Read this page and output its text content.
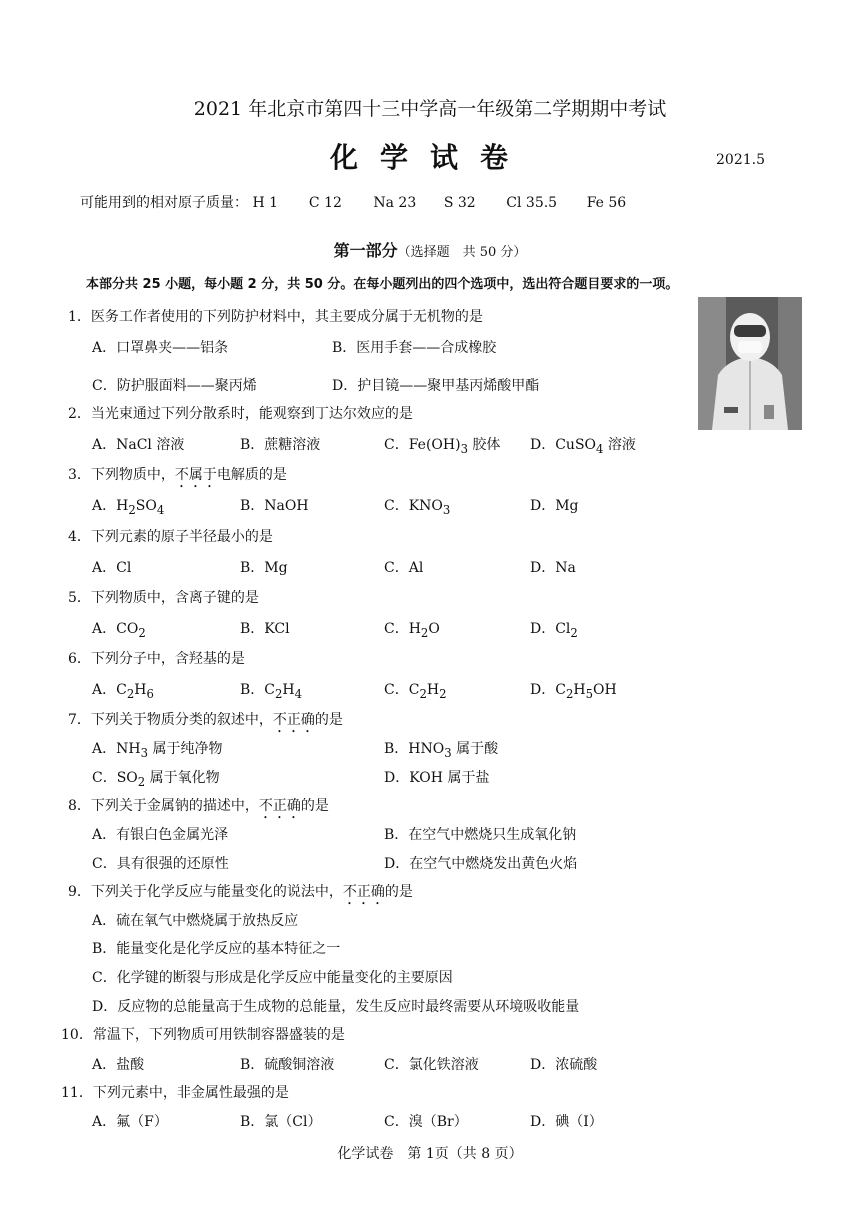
2021 年北京市第四十三中学高一年级第二学期期中考试
化学试卷	2021.5
可能用到的相对原子质量： H 1 C 12 Na 23 S 32 Cl 35.5 Fe 56
第一部分（选择题　共 50 分）
本部分共 25 小题，每小题 2 分，共 50 分。在每小题列出的四个选项中，选出符合题目要求的一项。
1．医务工作者使用的下列防护材料中，其主要成分属于无机物的是
A．口罩鼻夹——铝条	B．医用手套——合成橡胶
C．防护服面料——聚丙烯	D．护目镜——聚甲基丙烯酸甲酯
2．当光束通过下列分散系时，能观察到丁达尔效应的是
A．NaCl 溶液	B．蔗糖溶液	C．$Fe(OH)_3$ 胶体 D．CuSO$_4$ 溶液
3．下列物质中，不属于电解质的是
A．$H_2SO_4$	B．NaOH	C．$KNO_3$	D．Mg
4．下列元素的原子半径最小的是
A．Cl	B．Mg	C．Al	D．Na
5．下列物质中，含离子键的是
A．$CO_2$	B．KCl	C．$H_2O$	D．$Cl_2$
6．下列分子中，含羟基的是
A．$C_2H_6$	B．$C_2H_4$	C．$C_2H_2$	D．$C_2H_5OH$
7．下列关于物质分类的叙述中，不正确的是
A．$NH_3$ 属于纯净物	B．$HNO_3$ 属于酸
C．$SO_2$ 属于氧化物	D．KOH 属于盐
8．下列关于金属钠的描述中，不正确的是
A．有银白色金属光泽	B．在空气中燃烧只生成氧化钠
C．具有很强的还原性	D．在空气中燃烧发出黄色火焰
9．下列关于化学反应与能量变化的说法中，不正确的是
A．硫在氧气中燃烧属于放热反应
B．能量变化是化学反应的基本特征之一
C．化学键的断裂与形成是化学反应中能量变化的主要原因
D．反应物的总能量高于生成物的总能量，发生反应时最终需要从环境吸收能量
10．常温下，下列物质可用铁制容器盛装的是
A．盐酸	B．硫酸铜溶液	C．氯化铁溶液	D．浓硫酸
11．下列元素中，非金属性最强的是
A．氟（F）	B．氯（Cl）	C．溴（Br）	D．碘（I）
化学试卷　第 1页（共 8 页）
